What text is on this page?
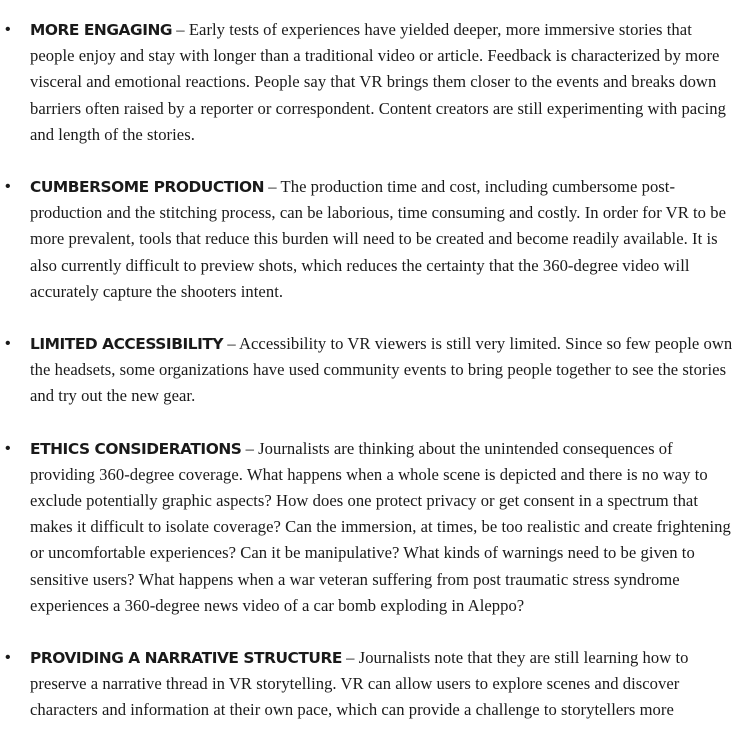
• MORE ENGAGING – Early tests of experiences have yielded deeper, more immersive stories that people enjoy and stay with longer than a traditional video or article. Feedback is characterized by more visceral and emotional reactions. People say that VR brings them closer to the events and breaks down barriers often raised by a reporter or correspondent. Content creators are still experimenting with pacing and length of the stories.
• CUMBERSOME PRODUCTION – The production time and cost, including cumbersome post-production and the stitching process, can be laborious, time consuming and costly. In order for VR to be more prevalent, tools that reduce this burden will need to be created and become readily available. It is also currently difficult to preview shots, which reduces the certainty that the 360-degree video will accurately capture the shooters intent.
• LIMITED ACCESSIBILITY – Accessibility to VR viewers is still very limited. Since so few people own the headsets, some organizations have used community events to bring people together to see the stories and try out the new gear.
• ETHICS CONSIDERATIONS – Journalists are thinking about the unintended consequences of providing 360-degree coverage. What happens when a whole scene is depicted and there is no way to exclude potentially graphic aspects? How does one protect privacy or get consent in a spectrum that makes it difficult to isolate coverage? Can the immersion, at times, be too realistic and create frightening or uncomfortable experiences? Can it be manipulative? What kinds of warnings need to be given to sensitive users? What happens when a war veteran suffering from post traumatic stress syndrome experiences a 360-degree news video of a car bomb exploding in Aleppo?
• PROVIDING A NARRATIVE STRUCTURE – Journalists note that they are still learning how to preserve a narrative thread in VR storytelling. VR can allow users to explore scenes and discover characters and information at their own pace, which can provide a challenge to storytellers more
